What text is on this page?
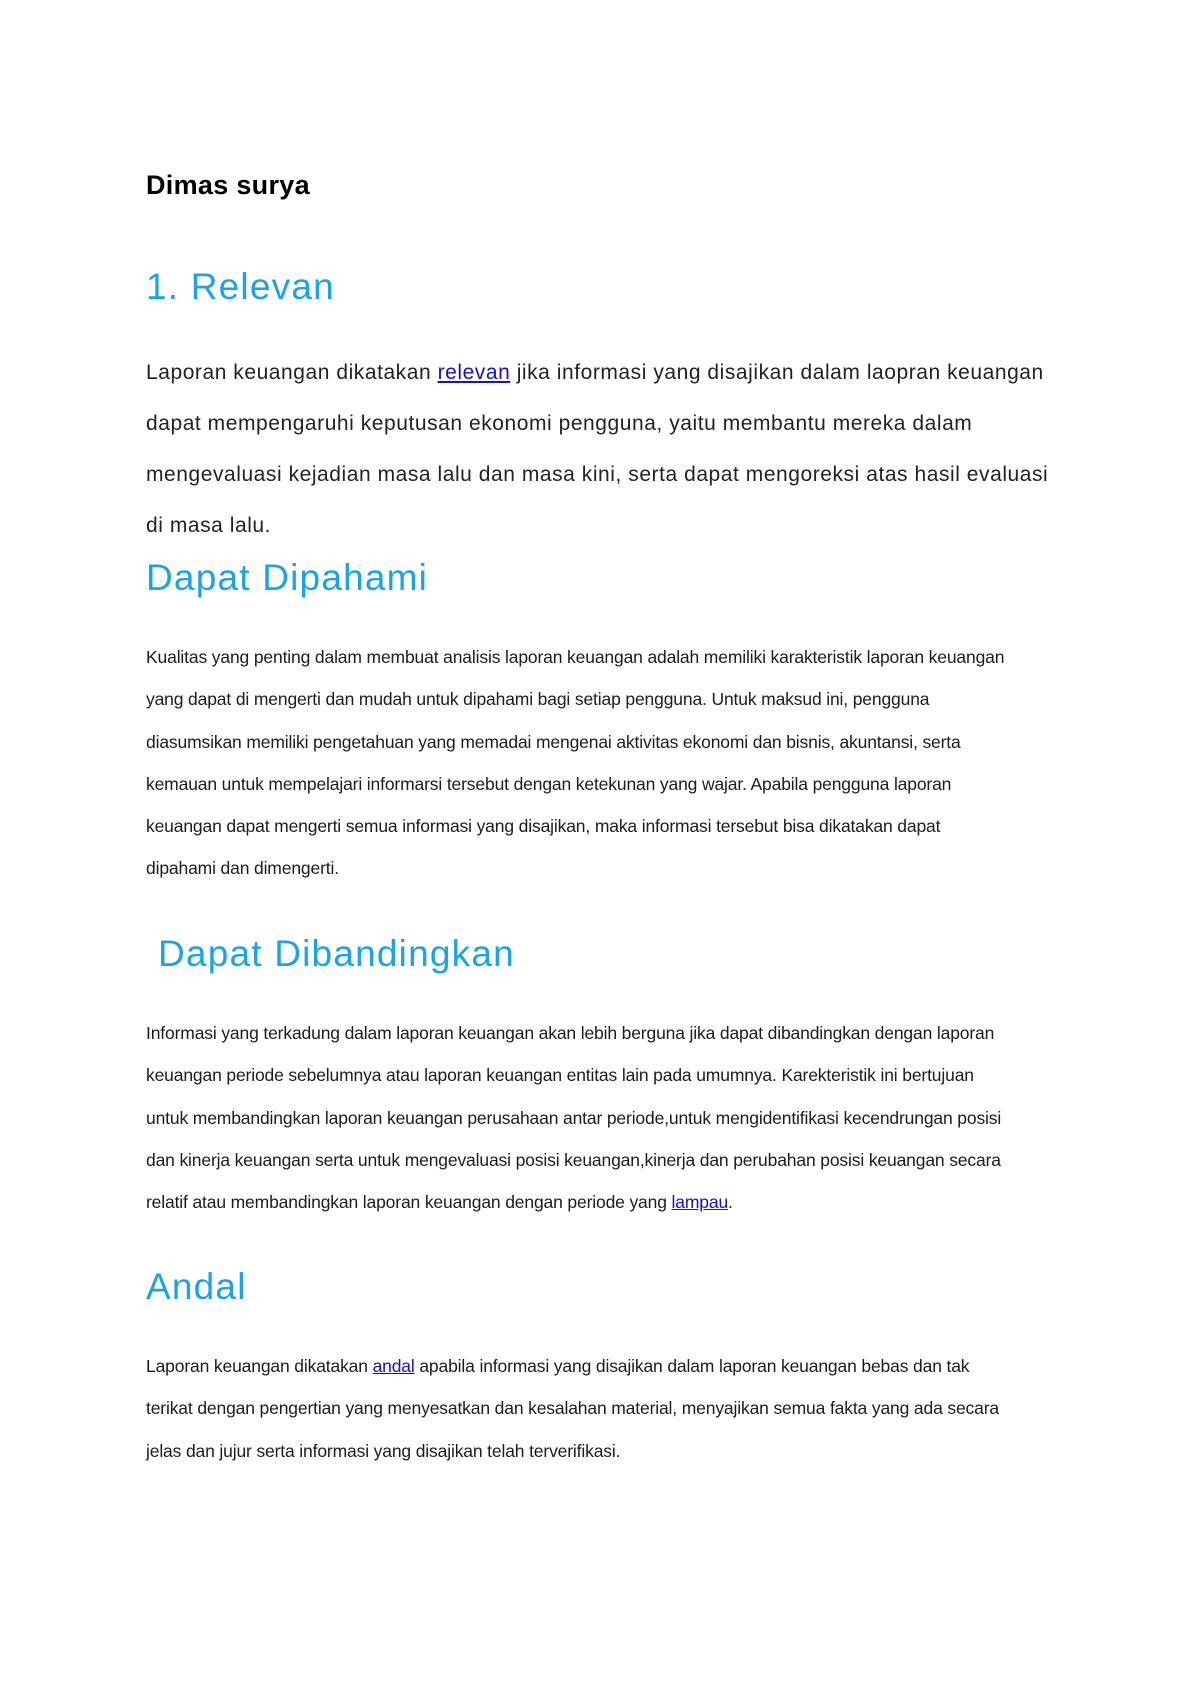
Dimas surya
1. Relevan

Laporan keuangan dikatakan relevan jika informasi yang disajikan dalam laopran keuangan
dapat mempengaruhi keputusan ekonomi pengguna, yaitu membantu mereka dalam
mengevaluasi kejadian masa lalu dan masa kini, serta dapat mengoreksi atas hasil evaluasi
di masa lalu.

Dapat Dipahami

Kualitas yang penting dalam membuat analisis laporan keuangan adalah memiliki karakteristik laporan keuangan
yang dapat di mengerti dan mudah untuk dipahami bagi setiap pengguna. Untuk maksud ini, pengguna
diasumsikan memiliki pengetahuan yang memadai mengenai aktivitas ekonomi dan bisnis, akuntansi, serta
kemauan untuk mempelajari informarsi tersebut dengan ketekunan yang wajar. Apabila pengguna laporan
keuangan dapat mengerti semua informasi yang disajikan, maka informasi tersebut bisa dikatakan dapat
dipahami dan dimengerti.

Dapat Dibandingkan

Informasi yang terkadung dalam laporan keuangan akan lebih berguna jika dapat dibandingkan dengan laporan
keuangan periode sebelumnya atau laporan keuangan entitas lain pada umumnya. Karekteristik ini bertujuan
untuk membandingkan laporan keuangan perusahaan antar periode,untuk mengidentifikasi kecendrungan posisi
dan kinerja keuangan serta untuk mengevaluasi posisi keuangan,kinerja dan perubahan posisi keuangan secara
relatif atau membandingkan laporan keuangan dengan periode yang lampau.

Andal

Laporan keuangan dikatakan andal apabila informasi yang disajikan dalam laporan keuangan bebas dan tak
terikat dengan pengertian yang menyesatkan dan kesalahan material, menyajikan semua fakta yang ada secara
jelas dan jujur serta informasi yang disajikan telah terverifikasi.
